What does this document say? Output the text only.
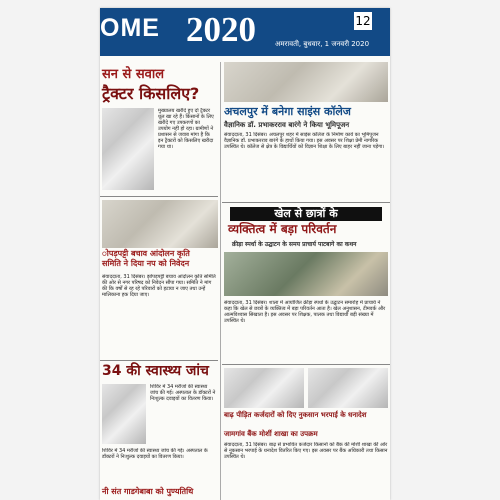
OME 2020	अमरावती, बुधवार, 1 जनवरी 2020
12
सन से सवाल
ट्रैक्टर किसलिए?
मुख्यालय खरीदे हुए दो ट्रैक्टर धूल खा रहे हैं। किसानों के लिए खरीदे गए उपकरणों का उपयोग नहीं हो रहा। ग्रामीणों ने प्रशासन से जवाब मांगा है कि इन ट्रैक्टरों को किसलिए खरीदा गया था।
ोपड़पट्टी बचाव आंदोलन कृति
समिति ने दिया नप को निवेदन
संवाददाता, 31 दिसंबर। झोपड़पट्टी बचाव आंदोलन कृति समिति की ओर से नगर परिषद को निवेदन सौंपा गया। समिति ने मांग की कि वर्षों से रह रहे परिवारों को हटाया न जाए तथा उन्हें मालिकाना हक दिया जाए।
34 की स्वास्थ्य जांच
शिविर में 34 मरीजों की स्वास्थ्य जांच की गई। अस्पताल के डॉक्टरों ने निःशुल्क दवाइयों का वितरण किया।
शिविर में 34 मरीजों की स्वास्थ्य जांच की गई। अस्पताल के डॉक्टरों ने निःशुल्क दवाइयों का वितरण किया।
नी संत गाडगेबाबा को पुण्यतिथि
अचलपुर में बनेगा साइंस कॉलेज
वैज्ञानिक डॉ. प्रभाकरराव बारंगे ने किया भूमिपूजन
संवाददाता, 31 दिसंबर। अचलपुर शहर में साइंस कॉलेज के निर्माण कार्य का भूमिपूजन वैज्ञानिक डॉ. प्रभाकरराव बारंगे के हाथों किया गया। इस अवसर पर शिक्षा प्रेमी नागरिक उपस्थित थे। कॉलेज से क्षेत्र के विद्यार्थियों को विज्ञान शिक्षा के लिए बाहर नहीं जाना पड़ेगा।
खेल से छात्रों के
व्यक्तित्व में बड़ा परिवर्तन
क्रीड़ा स्पर्धा के उद्घाटन के समय प्राचार्य पाटबागे का कथन
संवाददाता, 31 दिसंबर। शाला में आयोजित क्रीड़ा स्पर्धा के उद्घाटन समारोह में प्राचार्य ने कहा कि खेल से छात्रों के व्यक्तित्व में बड़ा परिवर्तन आता है। खेल अनुशासन, टीमवर्क और आत्मविश्वास सिखाता है। इस अवसर पर शिक्षक, पालक तथा विद्यार्थी बड़ी संख्या में उपस्थित थे।
बाढ़ पीड़ित कर्जदारों को दिए नुकसान भरपाई के धनादेश
जामगांव बैंक मोर्शी शाखा का उपक्रम
संवाददाता, 31 दिसंबर। बाढ़ से प्रभावित कर्जदार किसानों को बैंक की मोर्शी शाखा की ओर से नुकसान भरपाई के धनादेश वितरित किए गए। इस अवसर पर बैंक अधिकारी तथा किसान उपस्थित थे।
